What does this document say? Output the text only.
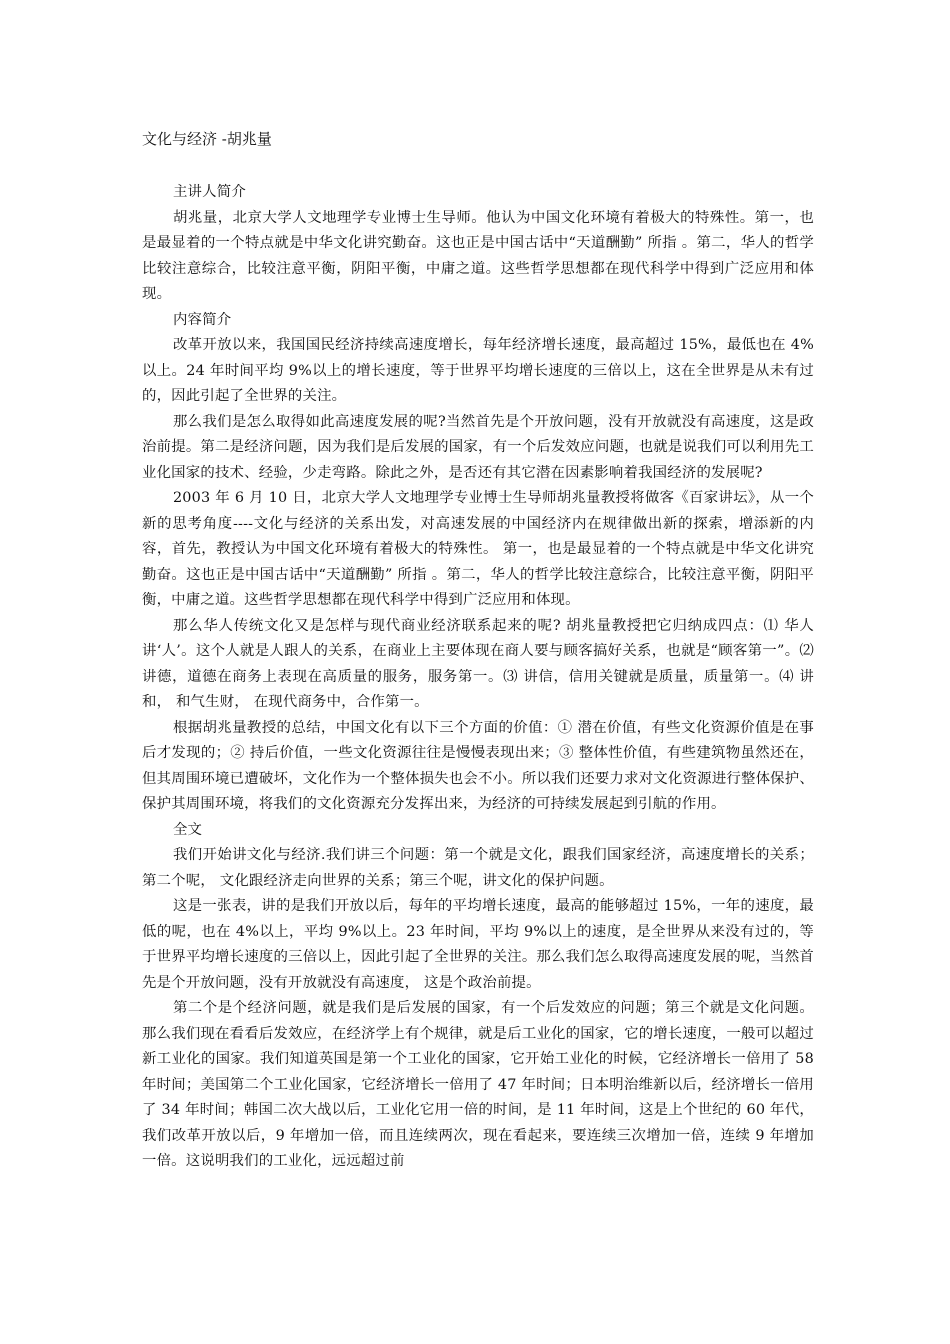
文化与经济 -胡兆量

主讲人简介

胡兆量，北京大学人文地理学专业博士生导师。他认为中国文化环境有着极大的特殊性。第一，也是最显着的一个特点就是中华文化讲究勤奋。这也正是中国古话中“天道酬勤” 所指 。第二，华人的哲学比较注意综合，比较注意平衡，阴阳平衡，中庸之道。这些哲学思想都在现代科学中得到广泛应用和体现。

内容简介

改革开放以来，我国国民经济持续高速度增长，每年经济增长速度，最高超过 15%，最低也在 4%以上。24 年时间平均 9%以上的增长速度，等于世界平均增长速度的三倍以上，这在全世界是从未有过的，因此引起了全世界的关注。

那么我们是怎么取得如此高速度发展的呢?当然首先是个开放问题，没有开放就没有高速度，这是政治前提。第二是经济问题，因为我们是后发展的国家，有一个后发效应问题，也就是说我们可以利用先工业化国家的技术、经验，少走弯路。除此之外，是否还有其它潜在因素影响着我国经济的发展呢?

2003 年 6 月 10 日，北京大学人文地理学专业博士生导师胡兆量教授将做客《百家讲坛》，从一个新的思考角度----文化与经济的关系出发，对高速发展的中国经济内在规律做出新的探索，增添新的内容，首先，教授认为中国文化环境有着极大的特殊性。 第一，也是最显着的一个特点就是中华文化讲究勤奋。这也正是中国古话中“天道酬勤” 所指 。第二，华人的哲学比较注意综合，比较注意平衡，阴阳平衡，中庸之道。这些哲学思想都在现代科学中得到广泛应用和体现。

那么华人传统文化又是怎样与现代商业经济联系起来的呢? 胡兆量教授把它归纳成四点：⑴ 华人讲‘人’。这个人就是人跟人的关系，在商业上主要体现在商人要与顾客搞好关系，也就是“顾客第一”。⑵ 讲德，道德在商务上表现在高质量的服务，服务第一。⑶ 讲信，信用关键就是质量，质量第一。⑷ 讲和， 和气生财， 在现代商务中，合作第一。

根据胡兆量教授的总结，中国文化有以下三个方面的价值：① 潜在价值，有些文化资源价值是在事后才发现的；② 持后价值，一些文化资源往往是慢慢表现出来；③ 整体性价值，有些建筑物虽然还在，但其周围环境已遭破坏，文化作为一个整体损失也会不小。所以我们还要力求对文化资源进行整体保护、保护其周围环境，将我们的文化资源充分发挥出来，为经济的可持续发展起到引航的作用。

全文

我们开始讲文化与经济.我们讲三个问题：第一个就是文化，跟我们国家经济，高速度增长的关系；第二个呢， 文化跟经济走向世界的关系；第三个呢，讲文化的保护问题。

这是一张表，讲的是我们开放以后，每年的平均增长速度，最高的能够超过 15%，一年的速度，最低的呢，也在 4%以上，平均 9%以上。23 年时间，平均 9%以上的速度，是全世界从来没有过的，等于世界平均增长速度的三倍以上，因此引起了全世界的关注。那么我们怎么取得高速度发展的呢，当然首先是个开放问题，没有开放就没有高速度， 这是个政治前提。

第二个是个经济问题，就是我们是后发展的国家，有一个后发效应的问题；第三个就是文化问题。那么我们现在看看后发效应，在经济学上有个规律，就是后工业化的国家，它的增长速度，一般可以超过新工业化的国家。我们知道英国是第一个工业化的国家，它开始工业化的时候，它经济增长一倍用了 58 年时间；美国第二个工业化国家，它经济增长一倍用了 47 年时间；日本明治维新以后，经济增长一倍用了 34 年时间；韩国二次大战以后，工业化它用一倍的时间，是 11 年时间，这是上个世纪的 60 年代，我们改革开放以后，9 年增加一倍，而且连续两次，现在看起来，要连续三次增加一倍，连续 9 年增加一倍。这说明我们的工业化，远远超过前
